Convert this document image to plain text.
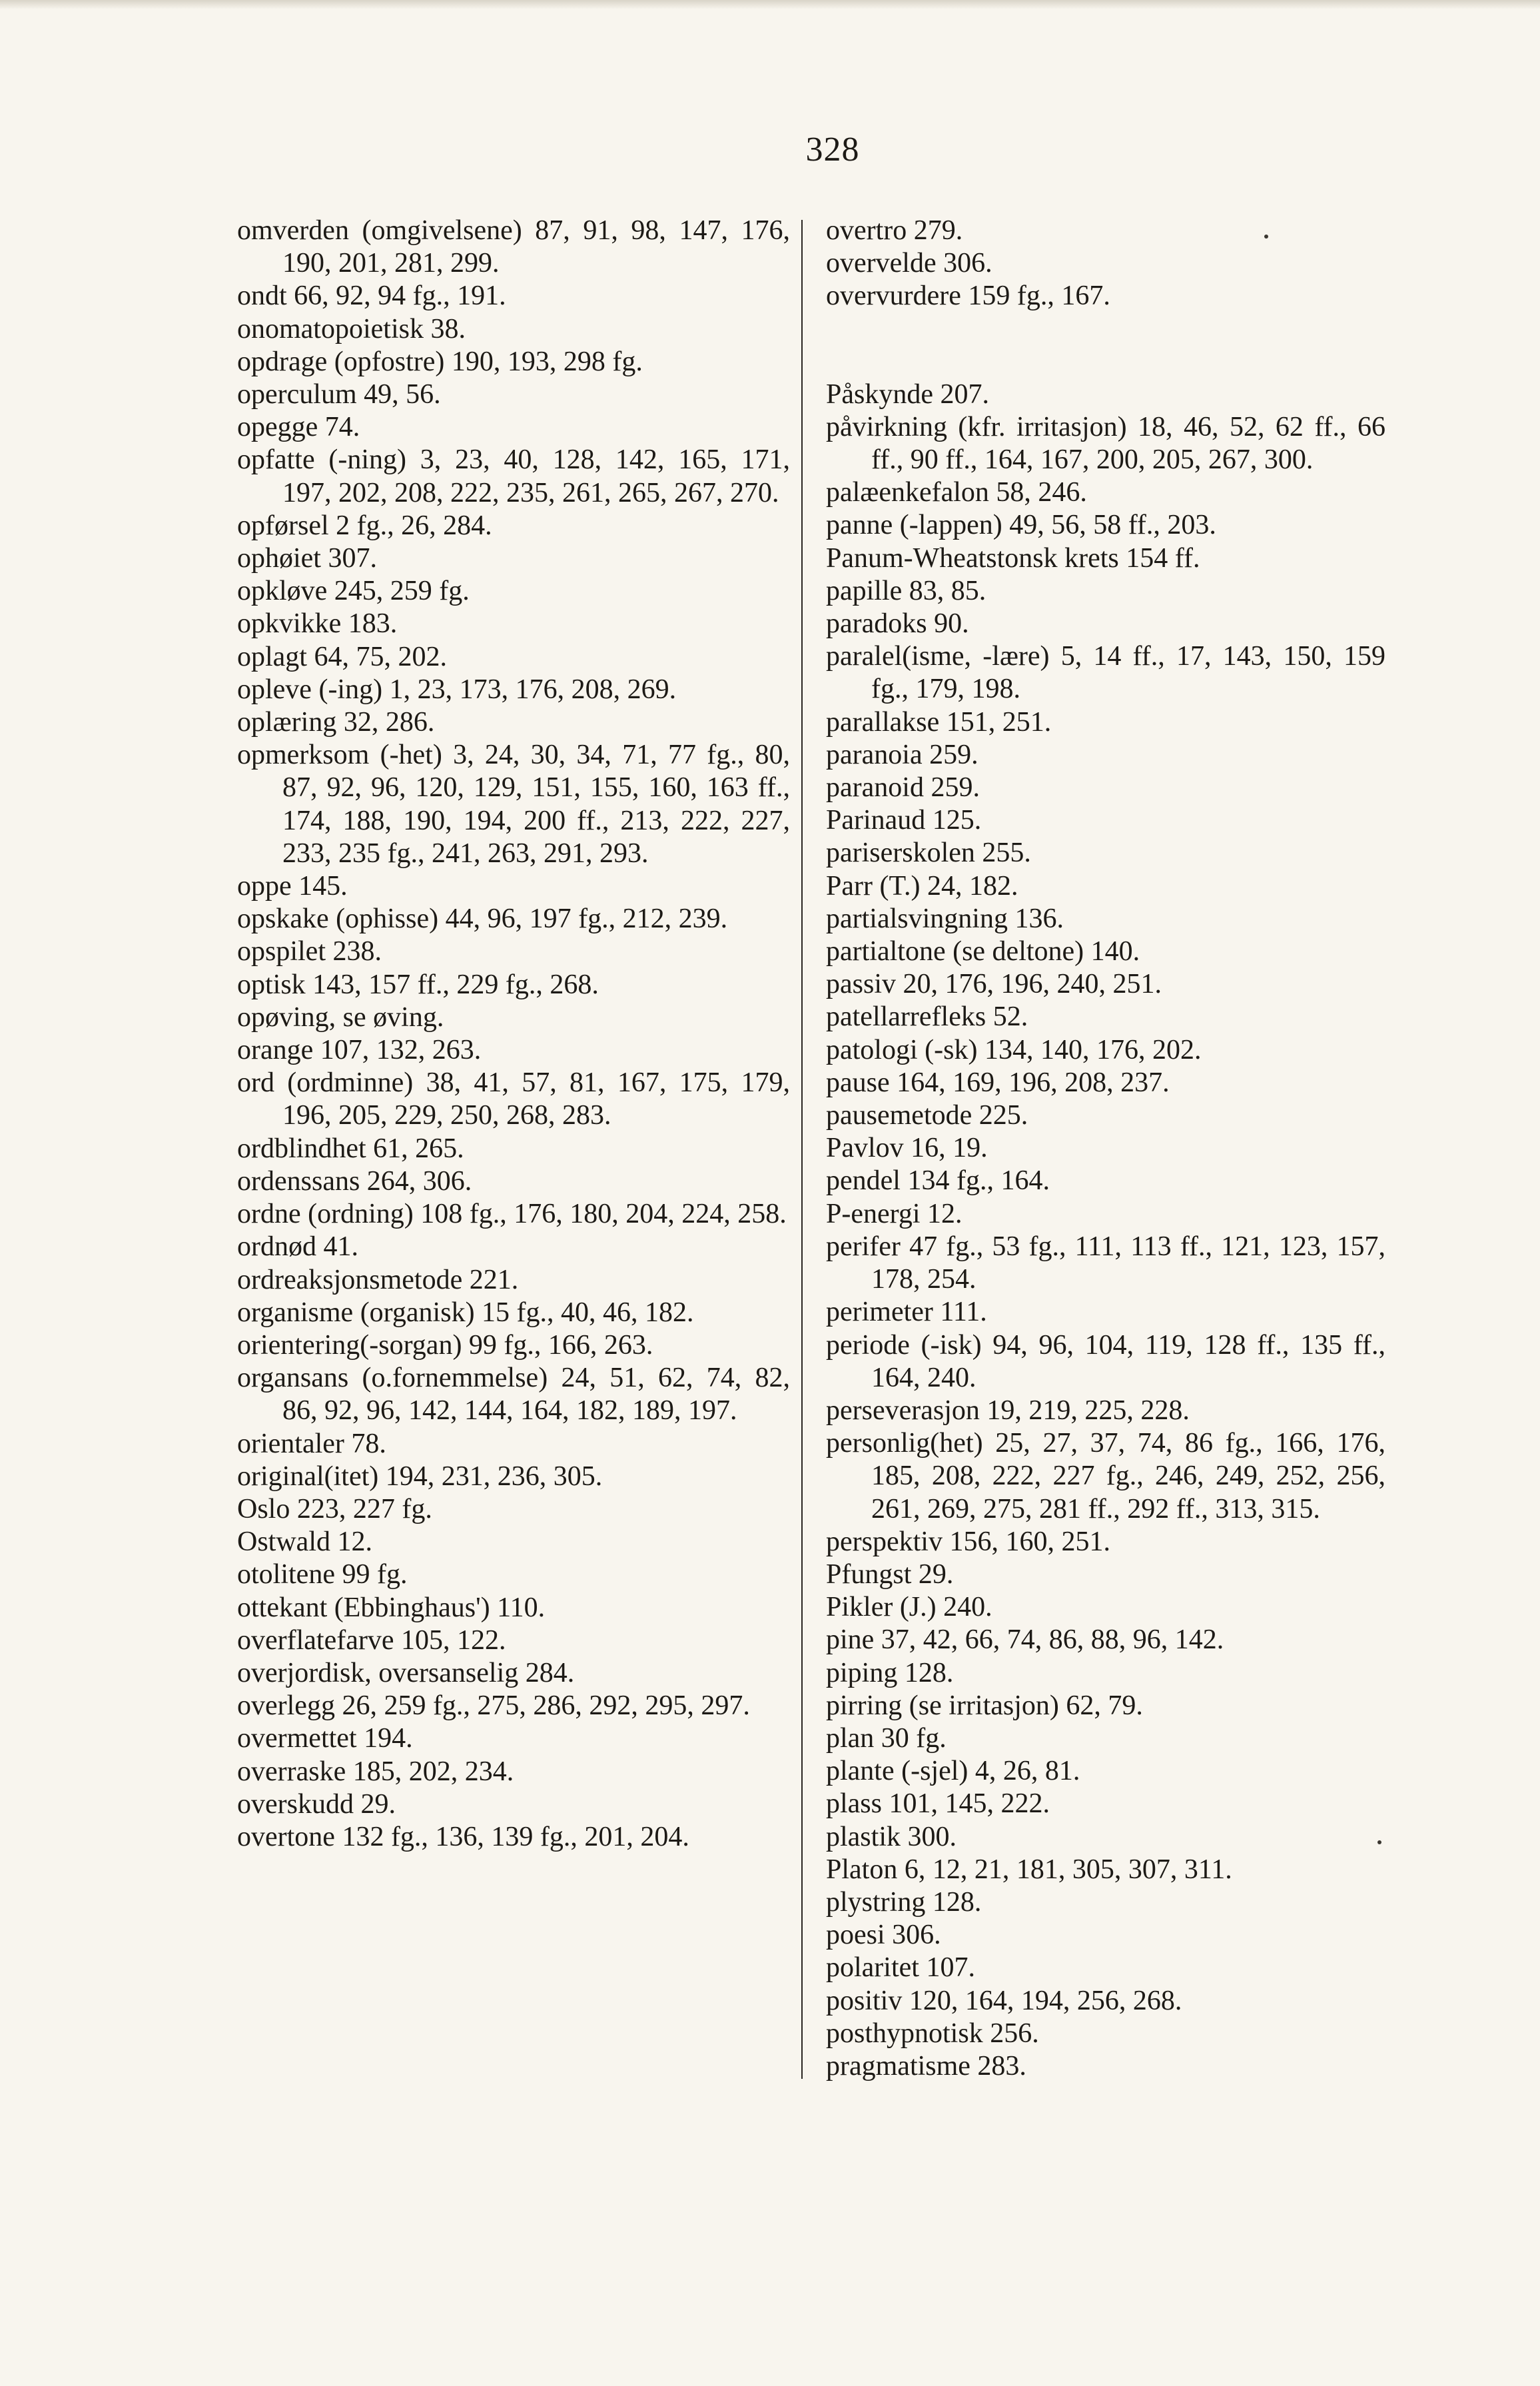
328
omverden (omgivelsene) 87, 91, 98, 147, 176, 190, 201, 281, 299.
ondt 66, 92, 94 fg., 191.
onomatopoietisk 38.
opdrage (opfostre) 190, 193, 298 fg.
operculum 49, 56.
opegge 74.
opfatte (-ning) 3, 23, 40, 128, 142, 165, 171, 197, 202, 208, 222, 235, 261, 265, 267, 270.
opførsel 2 fg., 26, 284.
ophøiet 307.
opkløve 245, 259 fg.
opkvikke 183.
oplagt 64, 75, 202.
opleve (-ing) 1, 23, 173, 176, 208, 269.
oplæring 32, 286.
opmerksom (-het) 3, 24, 30, 34, 71, 77 fg., 80, 87, 92, 96, 120, 129, 151, 155, 160, 163 ff., 174, 188, 190, 194, 200 ff., 213, 222, 227, 233, 235 fg., 241, 263, 291, 293.
oppe 145.
opskake (ophisse) 44, 96, 197 fg., 212, 239.
opspilet 238.
optisk 143, 157 ff., 229 fg., 268.
opøving, se øving.
orange 107, 132, 263.
ord (ordminne) 38, 41, 57, 81, 167, 175, 179, 196, 205, 229, 250, 268, 283.
ordblindhet 61, 265.
ordenssans 264, 306.
ordne (ordning) 108 fg., 176, 180, 204, 224, 258.
ordnød 41.
ordreaksjonsmetode 221.
organisme (organisk) 15 fg., 40, 46, 182.
orientering(-sorgan) 99 fg., 166, 263.
organsans (o.fornemmelse) 24, 51, 62, 74, 82, 86, 92, 96, 142, 144, 164, 182, 189, 197.
orientaler 78.
original(itet) 194, 231, 236, 305.
Oslo 223, 227 fg.
Ostwald 12.
otolitene 99 fg.
ottekant (Ebbinghaus') 110.
overflatefarve 105, 122.
overjordisk, oversanselig 284.
overlegg 26, 259 fg., 275, 286, 292, 295, 297.
overmettet 194.
overraske 185, 202, 234.
overskudd 29.
overtone 132 fg., 136, 139 fg., 201, 204.
overtro 279.
overvelde 306.
overvurdere 159 fg., 167.
Påskynde 207.
påvirkning (kfr. irritasjon) 18, 46, 52, 62 ff., 66 ff., 90 ff., 164, 167, 200, 205, 267, 300.
palæenkefalon 58, 246.
panne (-lappen) 49, 56, 58 ff., 203.
Panum-Wheatstonsk krets 154 ff.
papille 83, 85.
paradoks 90.
paralel(isme, -lære) 5, 14 ff., 17, 143, 150, 159 fg., 179, 198.
parallakse 151, 251.
paranoia 259.
paranoid 259.
Parinaud 125.
pariserskolen 255.
Parr (T.) 24, 182.
partialsvingning 136.
partialtone (se deltone) 140.
passiv 20, 176, 196, 240, 251.
patellarrefleks 52.
patologi (-sk) 134, 140, 176, 202.
pause 164, 169, 196, 208, 237.
pausemetode 225.
Pavlov 16, 19.
pendel 134 fg., 164.
P-energi 12.
perifer 47 fg., 53 fg., 111, 113 ff., 121, 123, 157, 178, 254.
perimeter 111.
periode (-isk) 94, 96, 104, 119, 128 ff., 135 ff., 164, 240.
perseverasjon 19, 219, 225, 228.
personlig(het) 25, 27, 37, 74, 86 fg., 166, 176, 185, 208, 222, 227 fg., 246, 249, 252, 256, 261, 269, 275, 281 ff., 292 ff., 313, 315.
perspektiv 156, 160, 251.
Pfungst 29.
Pikler (J.) 240.
pine 37, 42, 66, 74, 86, 88, 96, 142.
piping 128.
pirring (se irritasjon) 62, 79.
plan 30 fg.
plante (-sjel) 4, 26, 81.
plass 101, 145, 222.
plastik 300.
Platon 6, 12, 21, 181, 305, 307, 311.
plystring 128.
poesi 306.
polaritet 107.
positiv 120, 164, 194, 256, 268.
posthypnotisk 256.
pragmatisme 283.
